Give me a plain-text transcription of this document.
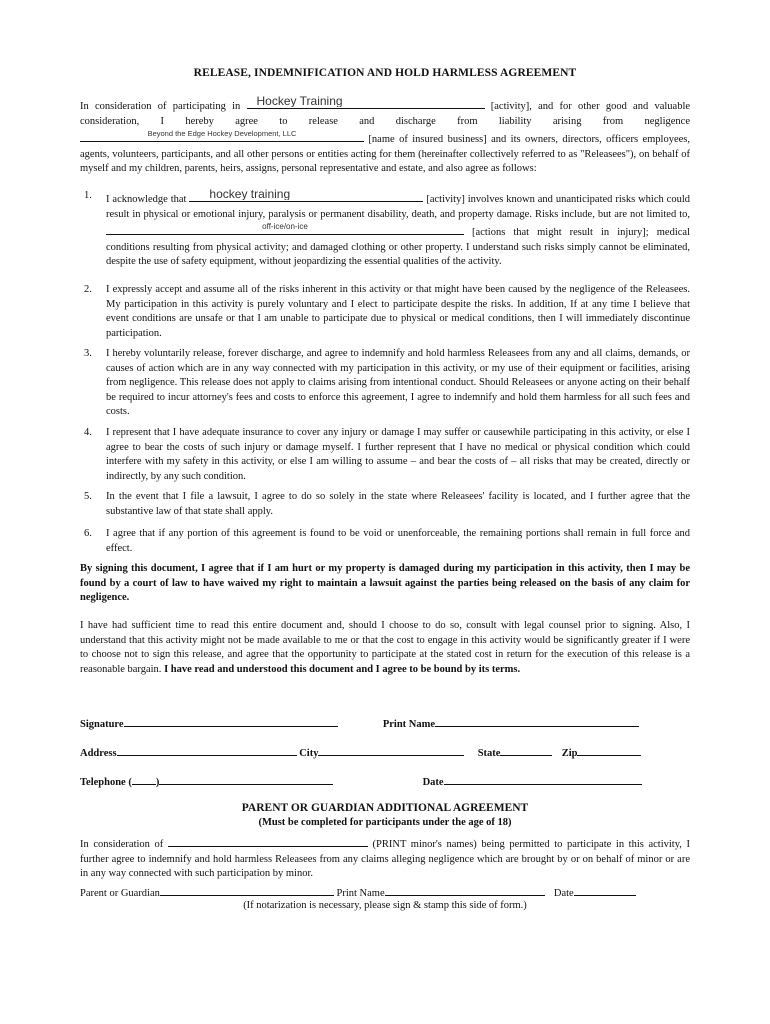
RELEASE, INDEMNIFICATION AND HOLD HARMLESS AGREEMENT
In consideration of participating in	Hockey Training	[activity], and for other good and valuable consideration, I hereby agree to release and discharge from liability arising from negligence
Beyond the Edge Hockey Development, LLC
[name of insured business] and its owners, directors, officers employees, agents, volunteers, participants, and all other persons or entities acting for them (hereinafter collectively referred to as "Releasees"), on behalf of myself and my children, parents, heirs, assigns, personal representative and estate, and also agree as follows:
1.	I acknowledge that	hockey training	[activity] involves known and unanticipated risks which could result in physical or emotional injury, paralysis or permanent disability, death, and property damage. Risks include, but are not limited to,
off-ice/on-ice
[actions that might result in injury]; medical conditions resulting from physical activity; and damaged clothing or other property. I understand such risks simply cannot be eliminated, despite the use of safety equipment, without jeopardizing the essential qualities of the activity.
2.	I expressly accept and assume all of the risks inherent in this activity or that might have been caused by the negligence of the Releasees. My participation in this activity is purely voluntary and I elect to participate despite the risks. In addition, If at any time I believe that event conditions are unsafe or that I am unable to participate due to physical or medical conditions, then I will immediately discontinue participation.
3.	I hereby voluntarily release, forever discharge, and agree to indemnify and hold harmless Releasees from any and all claims, demands, or causes of action which are in any way connected with my participation in this activity, or my use of their equipment or facilities, arising from negligence. This release does not apply to claims arising from intentional conduct. Should Releasees or anyone acting on their behalf be required to incur attorney's fees and costs to enforce this agreement, I agree to indemnify and hold them harmless for all such fees and costs.
4.	I represent that I have adequate insurance to cover any injury or damage I may suffer or causewhile participating in this activity, or else I agree to bear the costs of such injury or damage myself. I further represent that I have no medical or physical condition which could interfere with my safety in this activity, or else I am willing to assume – and bear the costs of – all risks that may be created, directly or indirectly, by any such condition.
5.	In the event that I file a lawsuit, I agree to do so solely in the state where Releasees' facility is located, and I further agree that the substantive law of that state shall apply.
6.	I agree that if any portion of this agreement is found to be void or unenforceable, the remaining portions shall remain in full force and effect.
By signing this document, I agree that if I am hurt or my property is damaged during my participation in this activity, then I may be found by a court of law to have waived my right to maintain a lawsuit against the parties being released on the basis of any claim for negligence.
I have had sufficient time to read this entire document and, should I choose to do so, consult with legal counsel prior to signing. Also, I understand that this activity might not be made available to me or that the cost to engage in this activity would be significantly greater if I were to choose not to sign this release, and agree that the opportunity to participate at the stated cost in return for the execution of this release is a reasonable bargain. I have read and understood this document and I agree to be bound by its terms.
Signature	Print Name
Address	City	State	Zip
Telephone ( )	Date
PARENT OR GUARDIAN ADDITIONAL AGREEMENT
(Must be completed for participants under the age of 18)
In consideration of	(PRINT minor's names) being permitted to participate in this activity, I further agree to indemnify and hold harmless Releasees from any claims alleging negligence which are brought by or on behalf of minor or are in any way connected with such participation by minor.
Parent or Guardian	Print Name	Date
(If notarization is necessary, please sign & stamp this side of form.)
